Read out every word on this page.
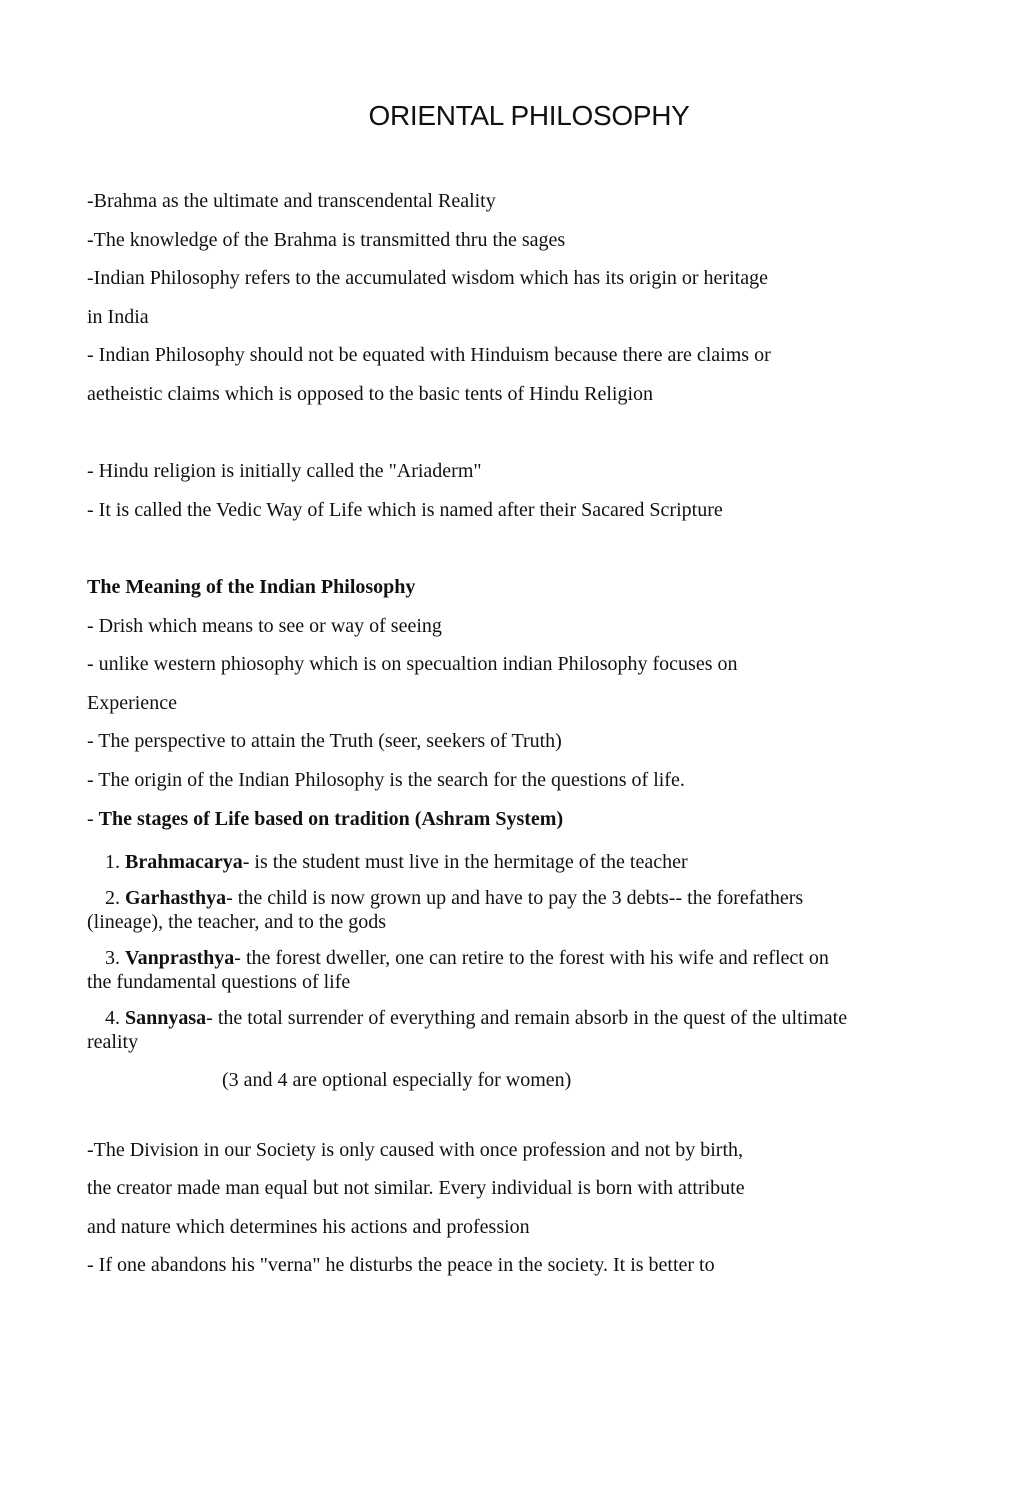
ORIENTAL PHILOSOPHY
-Brahma as the ultimate and transcendental Reality
-The knowledge of the Brahma is transmitted thru the sages
-Indian Philosophy refers to the accumulated wisdom which has its origin or heritage
in India
- Indian Philosophy should not be equated with Hinduism because there are claims or
aetheistic claims which is opposed to the basic tents of Hindu Religion
- Hindu religion is initially called the "Ariaderm"
- It is called the Vedic Way of Life which is named after their Sacared Scripture
The Meaning of the Indian Philosophy
- Drish which means to see or way of seeing
- unlike western phiosophy which is on specualtion indian Philosophy focuses on
Experience
- The perspective to attain the Truth (seer, seekers of Truth)
- The origin of the Indian Philosophy is the search for the questions of life.
- The stages of Life based on tradition (Ashram System)
1. Brahmacarya- is the student must live in the hermitage of the teacher
2. Garhasthya- the child is now grown up and have to pay the 3 debts-- the forefathers
(lineage), the teacher, and to the gods
3. Vanprasthya- the forest dweller, one can retire to the forest with his wife and reflect on
the fundamental questions of life
4. Sannyasa- the total surrender of everything and remain absorb in the quest of the ultimate
reality
(3 and 4 are optional especially for women)
-The Division in our Society is only caused with once profession and not by birth,
the creator made man equal but not similar. Every individual is born with attribute
and nature which determines his actions and profession
- If one abandons his "verna" he disturbs the peace in the society. It is better to
